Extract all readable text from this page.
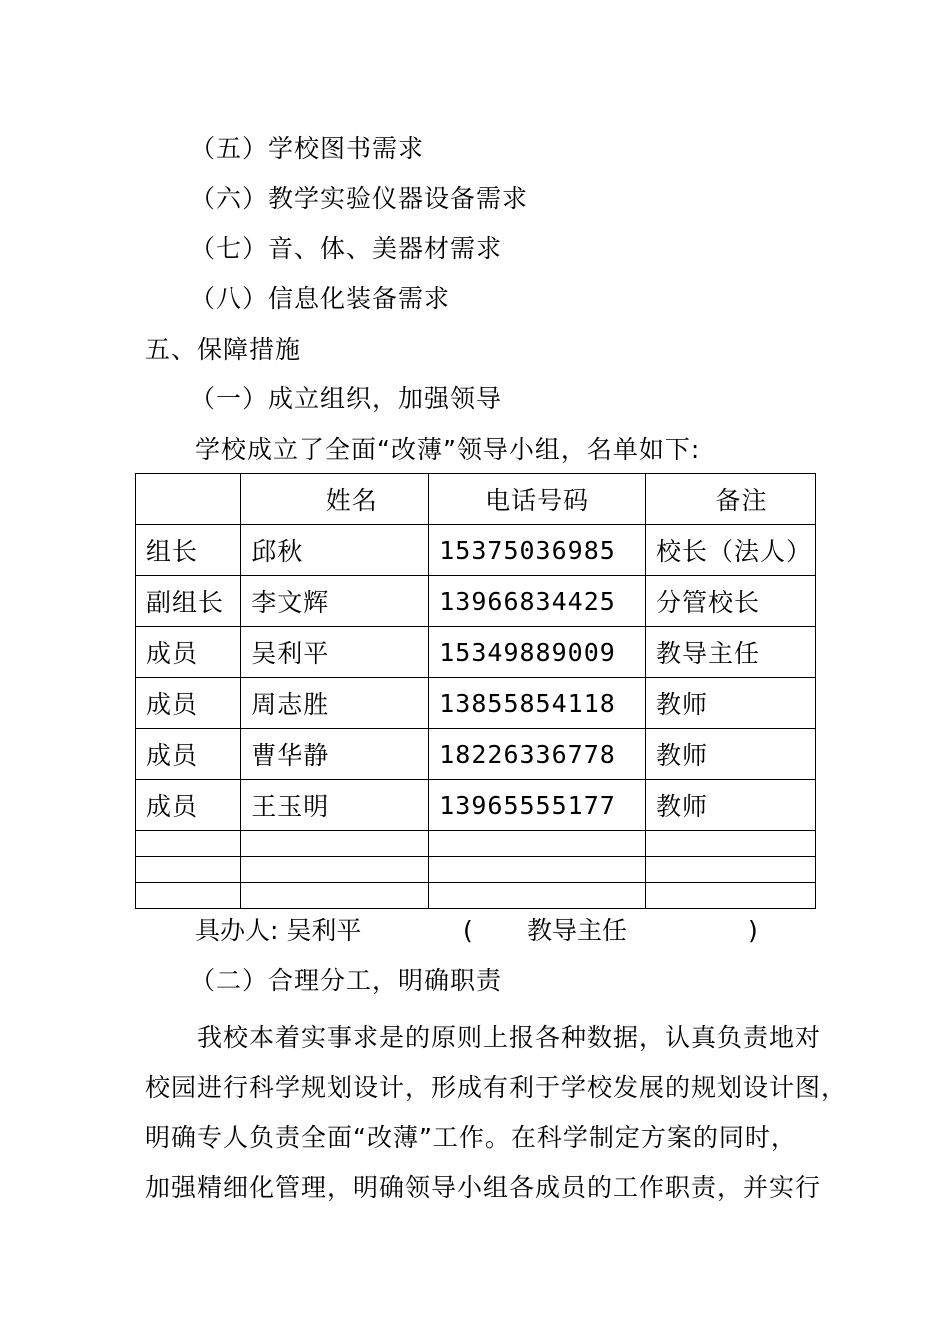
（五）学校图书需求
（六）教学实验仪器设备需求
（七）音、体、美器材需求
（八）信息化装备需求
五、保障措施
（一）成立组织，加强领导
学校成立了全面“改薄”领导小组，名单如下:
	姓名	电话号码	备注
组长	邱秋	15375036985	校长（法人）
副组长	李文辉	13966834425	分管校长
成员	吴利平	15349889009	教导主任
成员	周志胜	13855854118	教师
成员	曹华静	18226336778	教师
成员	王玉明	13965555177	教师

具办人: 吴利平	( 教导主任	)
（二）合理分工，明确职责
我校本着实事求是的原则上报各种数据，认真负责地对
校园进行科学规划设计，形成有利于学校发展的规划设计图，
明确专人负责全面“改薄”工作。在科学制定方案的同时，
加强精细化管理，明确领导小组各成员的工作职责，并实行
